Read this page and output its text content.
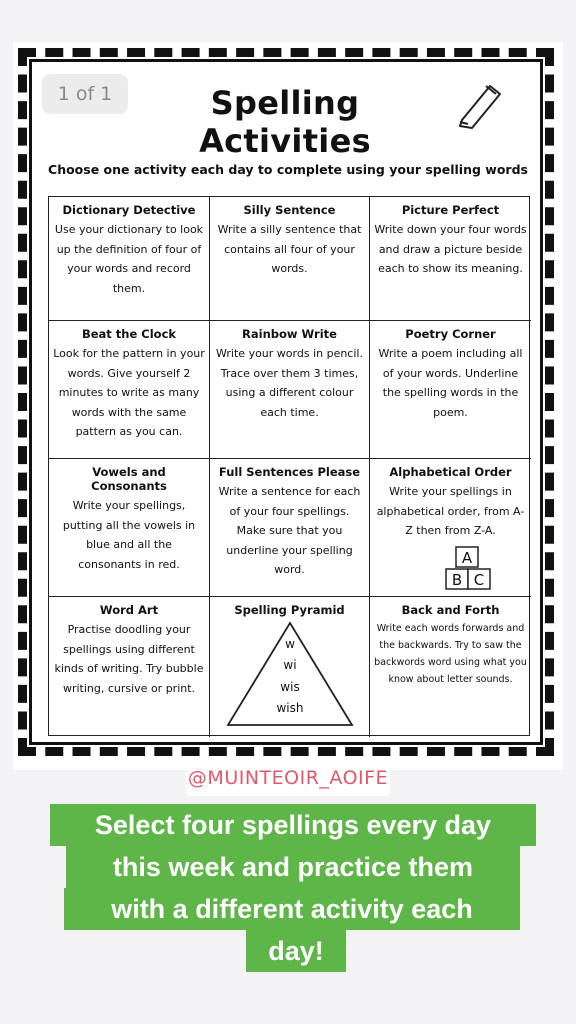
1 of 1	Spelling Activities
Choose one activity each day to complete using your spelling words
Dictionary Detective
Use your dictionary to look up the definition of four of your words and record them.
Silly Sentence
Write a silly sentence that contains all four of your words.
Picture Perfect
Write down your four words and draw a picture beside each to show its meaning.
Beat the Clock
Look for the pattern in your words. Give yourself 2 minutes to write as many words with the same pattern as you can.
Rainbow Write
Write your words in pencil. Trace over them 3 times, using a different colour each time.
Poetry Corner
Write a poem including all of your words. Underline the spelling words in the poem.
Vowels and Consonants
Write your spellings, putting all the vowels in blue and all the consonants in red.
Full Sentences Please
Write a sentence for each of your four spellings. Make sure that you underline your spelling word.
Alphabetical Order
Write your spellings in alphabetical order, from A-Z then from Z-A.
A
B C
Word Art
Practise doodling your spellings using different kinds of writing. Try bubble writing, cursive or print.
Spelling Pyramid
w
wi
wis
wish
Back and Forth
Write each words forwards and the backwards. Try to saw the backwords word using what you know about letter sounds.
@MUINTEOIR_AOIFE
Select four spellings every day
this week and practice them
with a different activity each
day!
